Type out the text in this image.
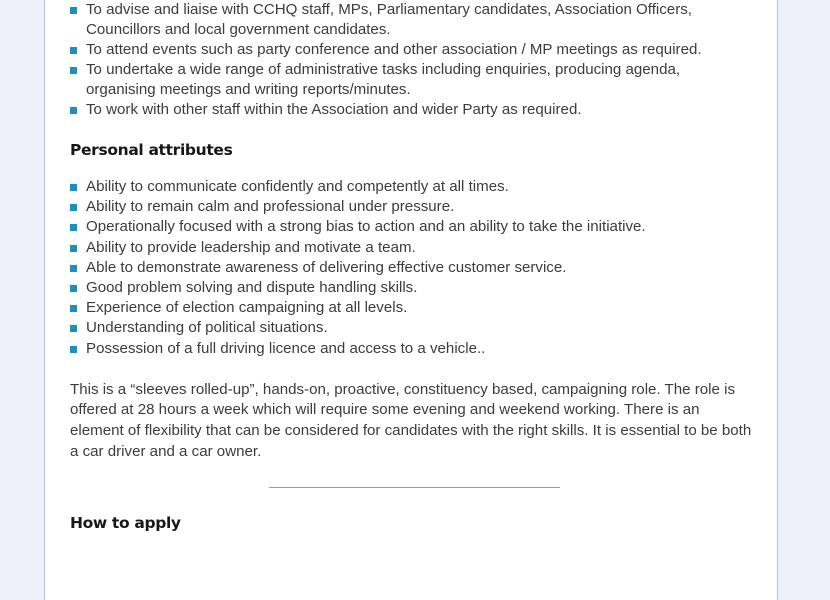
To advise and liaise with CCHQ staff, MPs, Parliamentary candidates, Association Officers, Councillors and local government candidates.
To attend events such as party conference and other association / MP meetings as required.
To undertake a wide range of administrative tasks including enquiries, producing agenda, organising meetings and writing reports/minutes.
To work with other staff within the Association and wider Party as required.
Personal attributes
Ability to communicate confidently and competently at all times.
Ability to remain calm and professional under pressure.
Operationally focused with a strong bias to action and an ability to take the initiative.
Ability to provide leadership and motivate a team.
Able to demonstrate awareness of delivering effective customer service.
Good problem solving and dispute handling skills.
Experience of election campaigning at all levels.
Understanding of political situations.
Possession of a full driving licence and access to a vehicle..

This is a “sleeves rolled-up”, hands-on, proactive, constituency based, campaigning role. The role is offered at 28 hours a week which will require some evening and weekend working. There is an element of flexibility that can be considered for candidates with the right skills. It is essential to be both a car driver and a car owner.

How to apply
